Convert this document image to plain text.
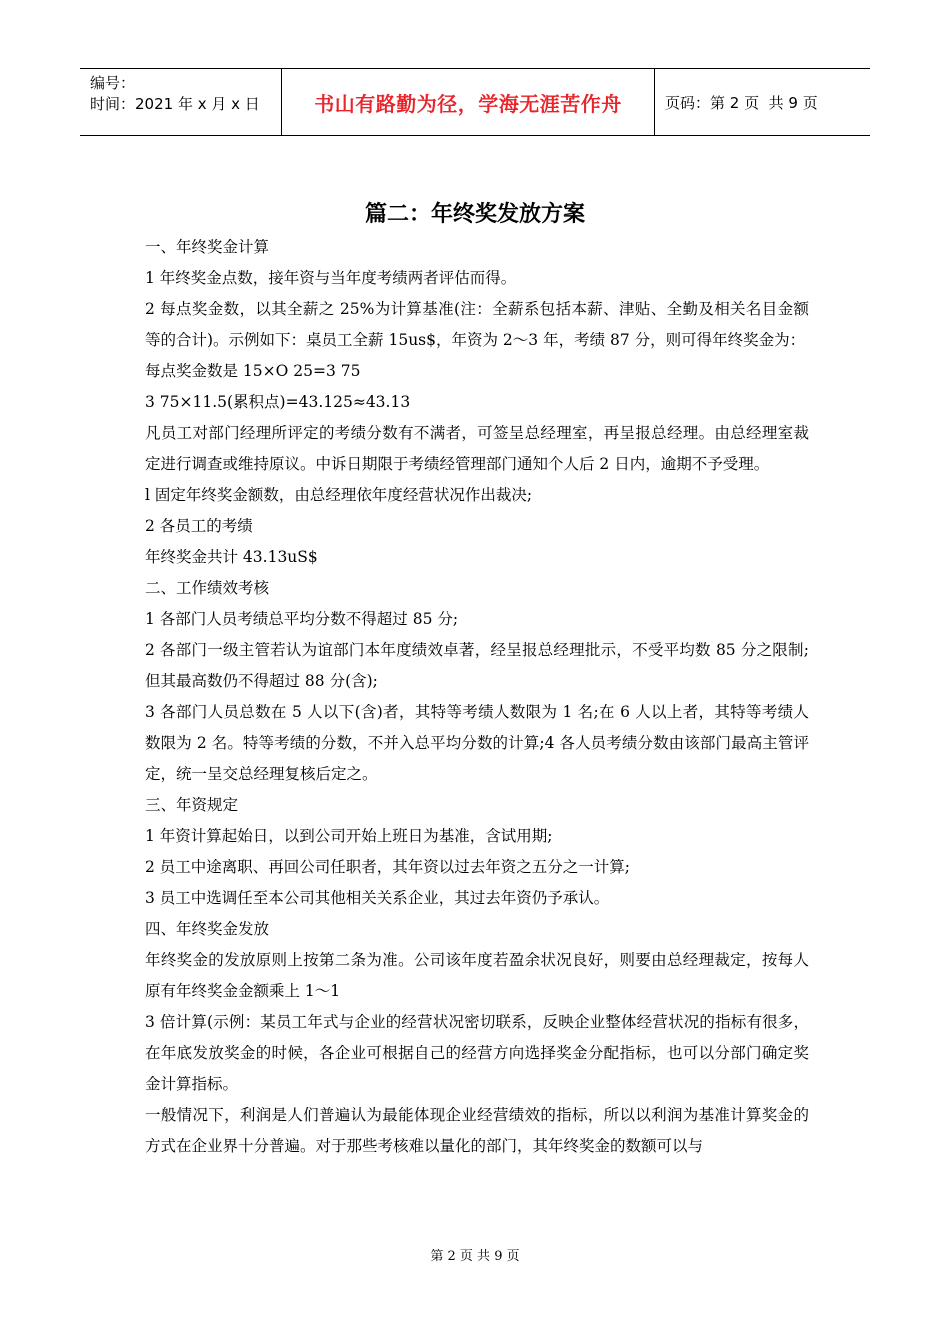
编号：
时间：2021 年 x 月 x 日	书山有路勤为径，学海无涯苦作舟	页码：第 2 页  共 9 页
篇二：年终奖发放方案

一、年终奖金计算

1 年终奖金点数，接年资与当年度考绩两者评估而得。

2 每点奖金数，以其全薪之 25%为计算基准(注：全薪系包括本薪、津贴、全勤及相关名目金额等的合计)。示例如下：桌员工全薪 15us$，年资为 2～3 年，考绩 87 分，则可得年终奖金为：

每点奖金数是 15×O 25=3 75

3 75×11.5(累积点)=43.125≈43.13

凡员工对部门经理所评定的考绩分数有不满者，可签呈总经理室，再呈报总经理。由总经理室裁定进行调查或维持原议。中诉日期限于考绩经管理部门通知个人后 2 日内，逾期不予受理。

l 固定年终奖金额数，由总经理依年度经营状况作出裁决;

2 各员工的考绩

年终奖金共计 43.13uS$

二、工作绩效考核

1 各部门人员考绩总平均分数不得超过 85 分;

2 各部门一级主管若认为谊部门本年度绩效卓著，经呈报总经理批示，不受平均数 85 分之限制;但其最高数仍不得超过 88 分(含);

3 各部门人员总数在 5 人以下(含)者，其特等考绩人数限为 1 名;在 6 人以上者，其特等考绩人数限为 2 名。特等考绩的分数，不并入总平均分数的计算;4 各人员考绩分数由该部门最高主管评定，统一呈交总经理复核后定之。

三、年资规定

1 年资计算起始日，以到公司开始上班日为基准，含试用期;

2 员工中途离职、再回公司任职者，其年资以过去年资之五分之一计算;

3 员工中选调任至本公司其他相关关系企业，其过去年资仍予承认。

四、年终奖金发放

年终奖金的发放原则上按第二条为准。公司该年度若盈余状况良好，则要由总经理裁定，按每人原有年终奖金金额乘上 1～1

3 倍计算(示例：某员工年式与企业的经营状况密切联系，反映企业整体经营状况的指标有很多，在年底发放奖金的时候，各企业可根据自己的经营方向选择奖金分配指标，也可以分部门确定奖金计算指标。

一般情况下，利润是人们普遍认为最能体现企业经营绩效的指标，所以以利润为基准计算奖金的方式在企业界十分普遍。对于那些考核难以量化的部门，其年终奖金的数额可以与

第 2 页 共 9 页
